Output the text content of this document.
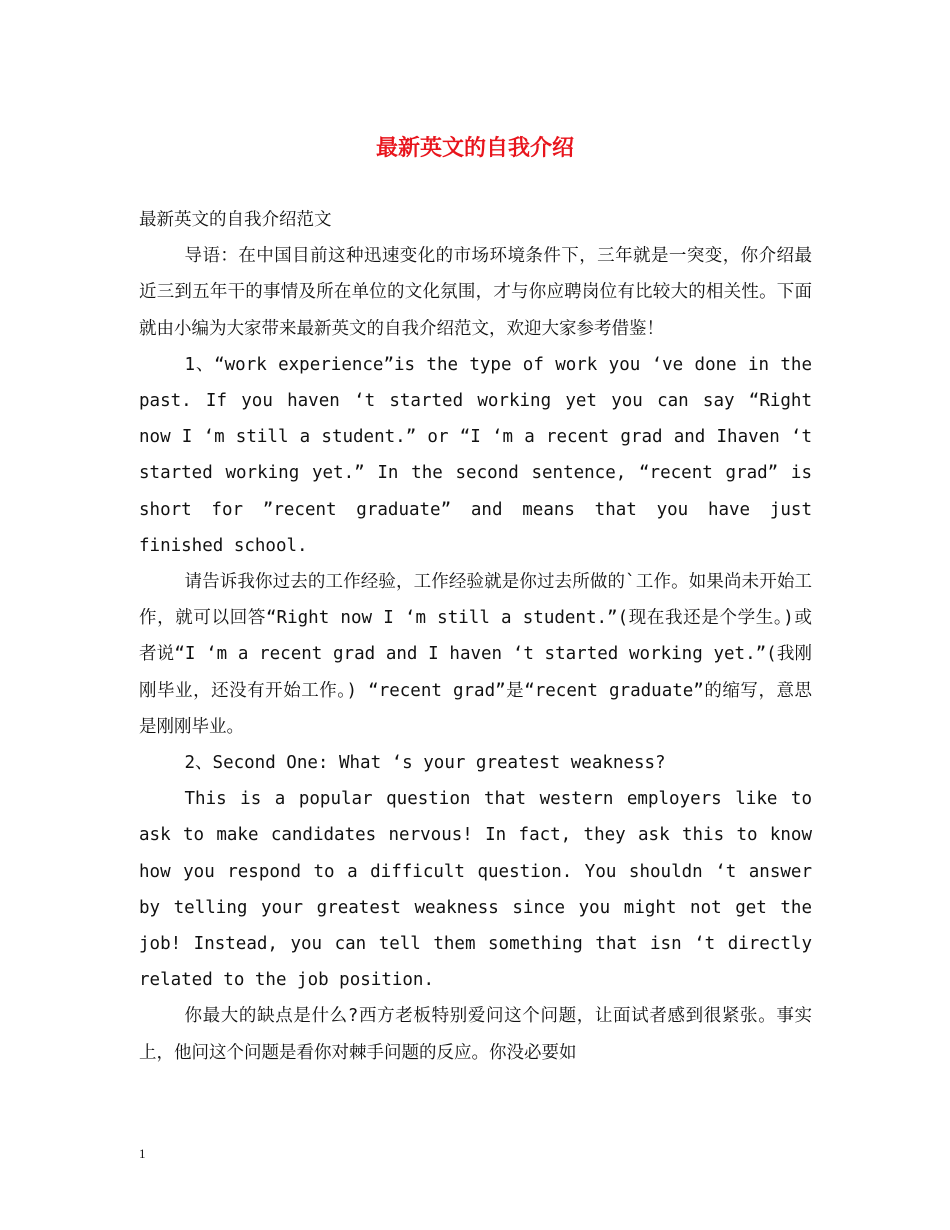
最新英文的自我介绍

最新英文的自我介绍范文

导语：在中国目前这种迅速变化的市场环境条件下，三年就是一突变，你介绍最近三到五年干的事情及所在单位的文化氛围，才与你应聘岗位有比较大的相关性。下面就由小编为大家带来最新英文的自我介绍范文，欢迎大家参考借鉴！

1、“work experience”is the type of work you ‘ve done in the past. If you haven ‘t started working yet you can say “Right now I ‘m still a student.” or “I ‘m a recent grad and Ihaven ‘t started working yet.” In the second sentence, “recent grad” is short for ”recent graduate” and means that you have just finished school.

请告诉我你过去的工作经验，工作经验就是你过去所做的`工作。如果尚未开始工作，就可以回答“Right now I ‘m still a student.”(现在我还是个学生。)或者说“I ‘m a recent grad and I haven ‘t started working yet.”(我刚刚毕业，还没有开始工作。) “recent grad”是“recent graduate”的缩写，意思是刚刚毕业。

2、Second One: What ‘s your greatest weakness?

This is a popular question that western employers like to ask to make candidates nervous! In fact, they ask this to know how you respond to a difficult question. You shouldn ‘t answer by telling your greatest weakness since you might not get the job! Instead, you can tell them something that isn ‘t directly related to the job position.

你最大的缺点是什么?西方老板特别爱问这个问题，让面试者感到很紧张。事实上，他问这个问题是看你对棘手问题的反应。你没必要如

1
